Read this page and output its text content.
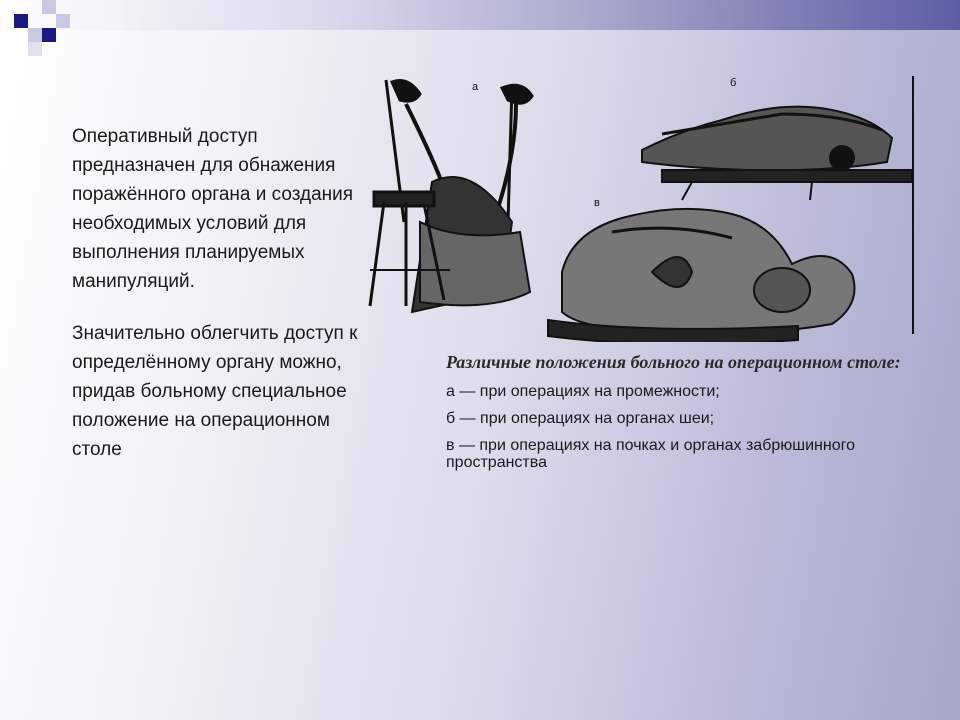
Оперативный доступ предназначен для обнажения поражённого органа и создания необходимых условий для выполнения планируемых манипуляций.

Значительно облегчить доступ к определённому органу можно, придав больному специальное положение на операционном столе

а	б
в

Различные положения больного на операционном столе:

а — при операциях на промежности;

б — при операциях на органах шеи;

в — при операциях на почках и органах забрюшинного пространства
